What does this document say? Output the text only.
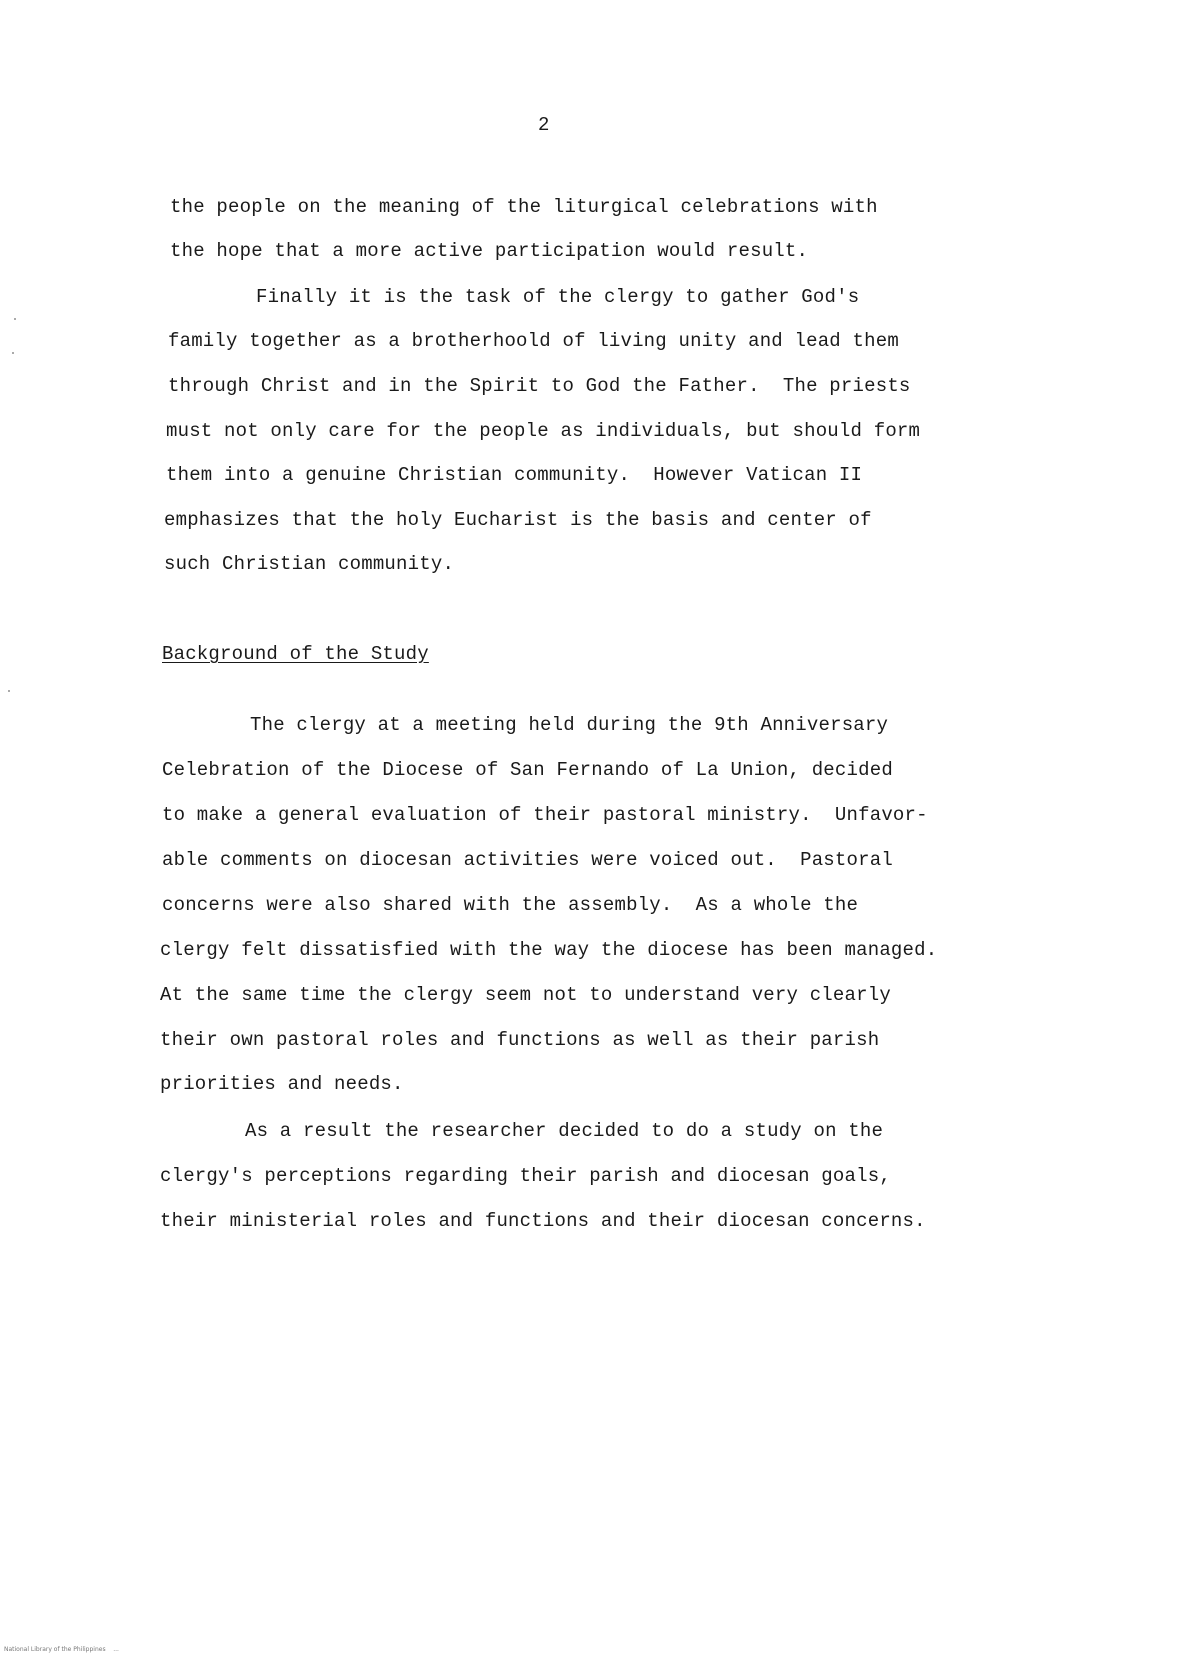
2
the people on the meaning of the liturgical celebrations with
the hope that a more active participation would result.
Finally it is the task of the clergy to gather God's
family together as a brotherhoold of living unity and lead them
through Christ and in the Spirit to God the Father.  The priests
must not only care for the people as individuals, but should form
them into a genuine Christian community.  However Vatican II
emphasizes that the holy Eucharist is the basis and center of
such Christian community.
Background of the Study
The clergy at a meeting held during the 9th Anniversary
Celebration of the Diocese of San Fernando of La Union, decided
to make a general evaluation of their pastoral ministry.  Unfavor-
able comments on diocesan activities were voiced out.  Pastoral
concerns were also shared with the assembly.  As a whole the
clergy felt dissatisfied with the way the diocese has been managed.
At the same time the clergy seem not to understand very clearly
their own pastoral roles and functions as well as their parish
priorities and needs.
As a result the researcher decided to do a study on the
clergy's perceptions regarding their parish and diocesan goals,
their ministerial roles and functions and their diocesan concerns.
National Library of the Philippines    ...
